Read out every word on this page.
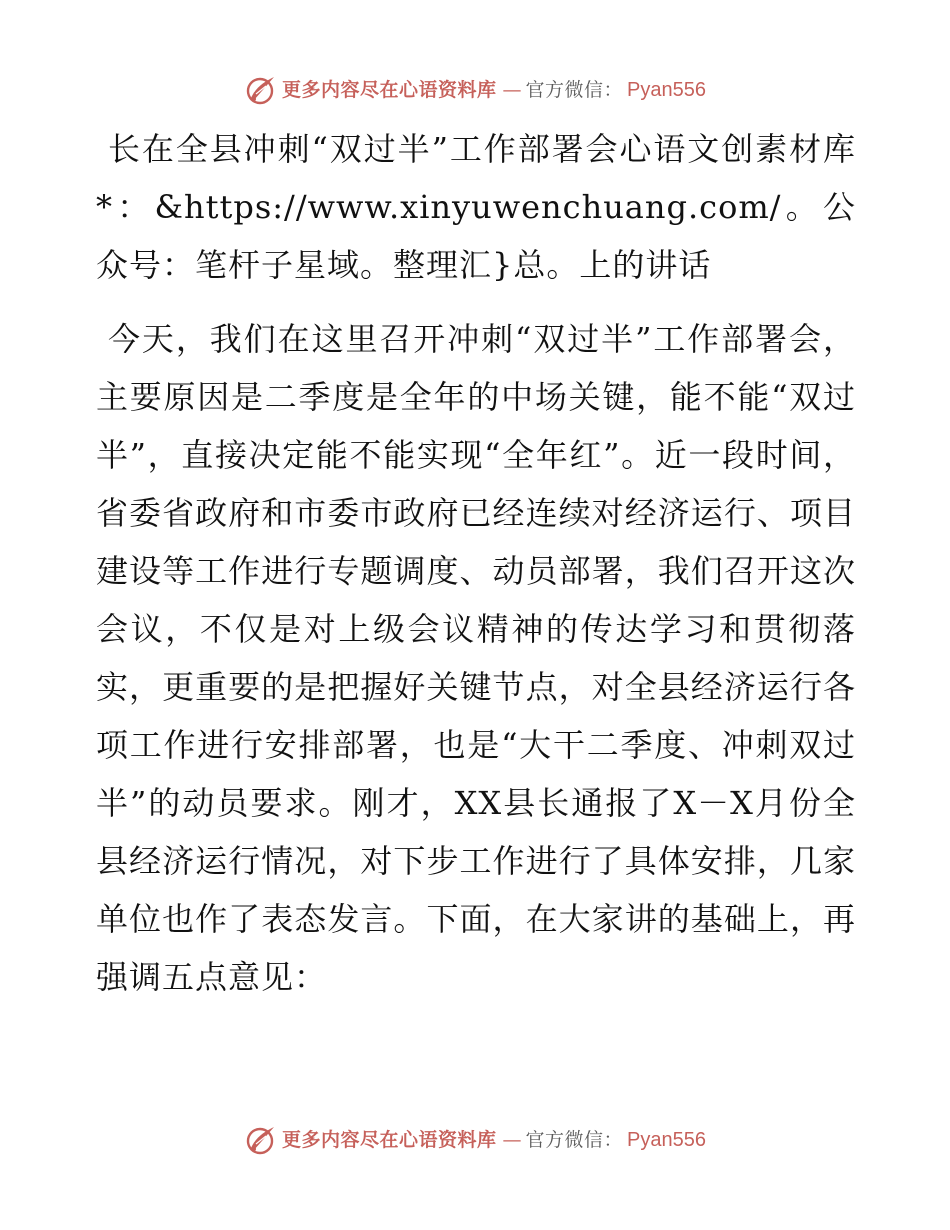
更多内容尽在心语资料库 — 官方微信： Pyan556

长在全县冲刺“双过半”工作部署会心语文创素材库*：&https://www.xinyuwenchuang.com/。公众号：笔杆子星域。整理汇}总。上的讲话

今天，我们在这里召开冲刺“双过半”工作部署会，主要原因是二季度是全年的中场关键，能不能“双过半”，直接决定能不能实现“全年红”。近一段时间，省委省政府和市委市政府已经连续对经济运行、项目建设等工作进行专题调度、动员部署，我们召开这次会议，不仅是对上级会议精神的传达学习和贯彻落实，更重要的是把握好关键节点，对全县经济运行各项工作进行安排部署，也是“大干二季度、冲刺双过半”的动员要求。刚才，XX县长通报了X－X月份全县经济运行情况，对下步工作进行了具体安排，几家单位也作了表态发言。下面，在大家讲的基础上，再强调五点意见：

更多内容尽在心语资料库 — 官方微信： Pyan556
